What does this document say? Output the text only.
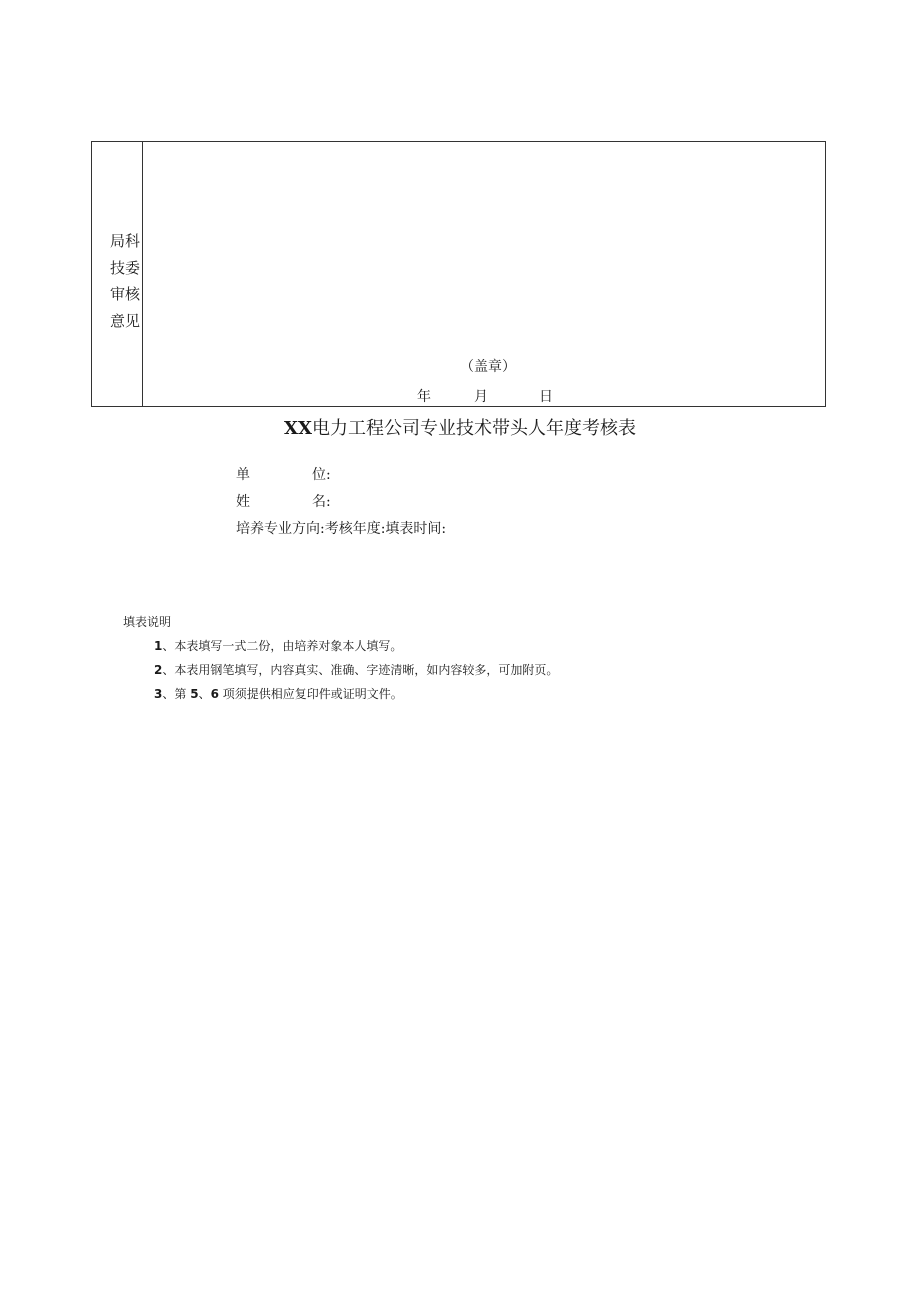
局科
技委
审核
意见
（盖章）
年	月	日
XX电力工程公司专业技术带头人年度考核表
单	位:
姓	名:
培养专业方向:考核年度:填表时间:
填表说明
1、本表填写一式二份，由培养对象本人填写。
2、本表用钢笔填写，内容真实、准确、字迹清晰，如内容较多，可加附页。
3、第 5、6 项须提供相应复印件或证明文件。
